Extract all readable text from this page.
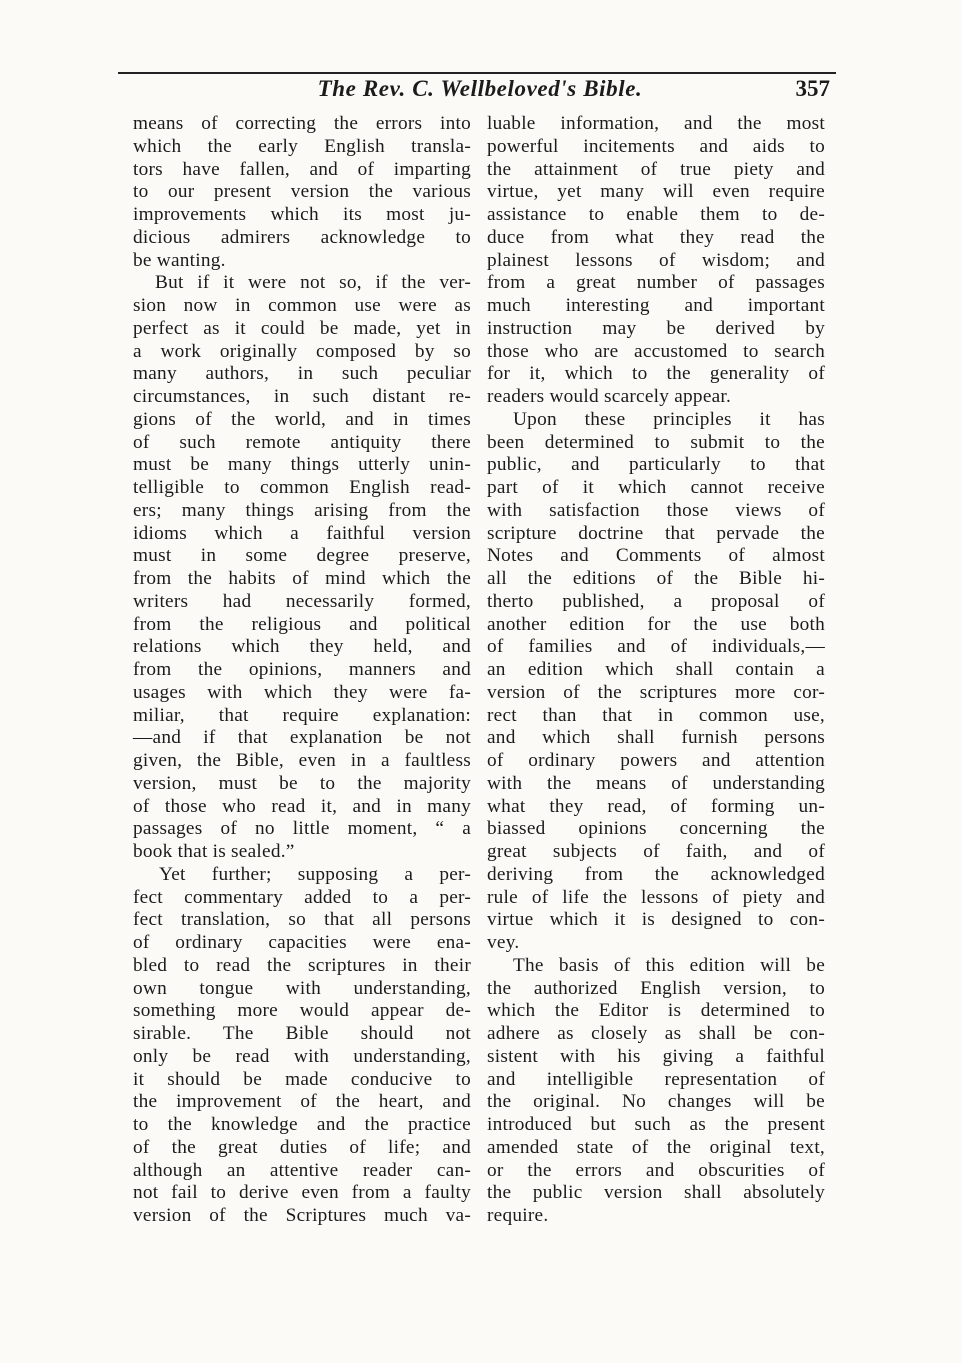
The Rev. C. Wellbeloved's Bible.	357
means of correcting the errors into
which the early English transla-
tors have fallen, and of imparting
to our present version the various
improvements which its most ju-
dicious admirers acknowledge to
be wanting.
But if it were not so, if the ver-
sion now in common use were as
perfect as it could be made, yet in
a work originally composed by so
many authors, in such peculiar
circumstances, in such distant re-
gions of the world, and in times
of such remote antiquity there
must be many things utterly unin-
telligible to common English read-
ers; many things arising from the
idioms which a faithful version
must in some degree preserve,
from the habits of mind which the
writers had necessarily formed,
from the religious and political
relations which they held, and
from the opinions, manners and
usages with which they were fa-
miliar, that require explanation:
—and if that explanation be not
given, the Bible, even in a faultless
version, must be to the majority
of those who read it, and in many
passages of no little moment, “ a
book that is sealed.”
Yet further; supposing a per-
fect commentary added to a per-
fect translation, so that all persons
of ordinary capacities were ena-
bled to read the scriptures in their
own tongue with understanding,
something more would appear de-
sirable. The Bible should not
only be read with understanding,
it should be made conducive to
the improvement of the heart, and
to the knowledge and the practice
of the great duties of life; and
although an attentive reader can-
not fail to derive even from a faulty
version of the Scriptures much va-
luable information, and the most
powerful incitements and aids to
the attainment of true piety and
virtue, yet many will even require
assistance to enable them to de-
duce from what they read the
plainest lessons of wisdom; and
from a great number of passages
much interesting and important
instruction may be derived by
those who are accustomed to search
for it, which to the generality of
readers would scarcely appear.
Upon these principles it has
been determined to submit to the
public, and particularly to that
part of it which cannot receive
with satisfaction those views of
scripture doctrine that pervade the
Notes and Comments of almost
all the editions of the Bible hi-
therto published, a proposal of
another edition for the use both
of families and of individuals,—
an edition which shall contain a
version of the scriptures more cor-
rect than that in common use,
and which shall furnish persons
of ordinary powers and attention
with the means of understanding
what they read, of forming un-
biassed opinions concerning the
great subjects of faith, and of
deriving from the acknowledged
rule of life the lessons of piety and
virtue which it is designed to con-
vey.
The basis of this edition will be
the authorized English version, to
which the Editor is determined to
adhere as closely as shall be con-
sistent with his giving a faithful
and intelligible representation of
the original. No changes will be
introduced but such as the present
amended state of the original text,
or the errors and obscurities of
the public version shall absolutely
require.
